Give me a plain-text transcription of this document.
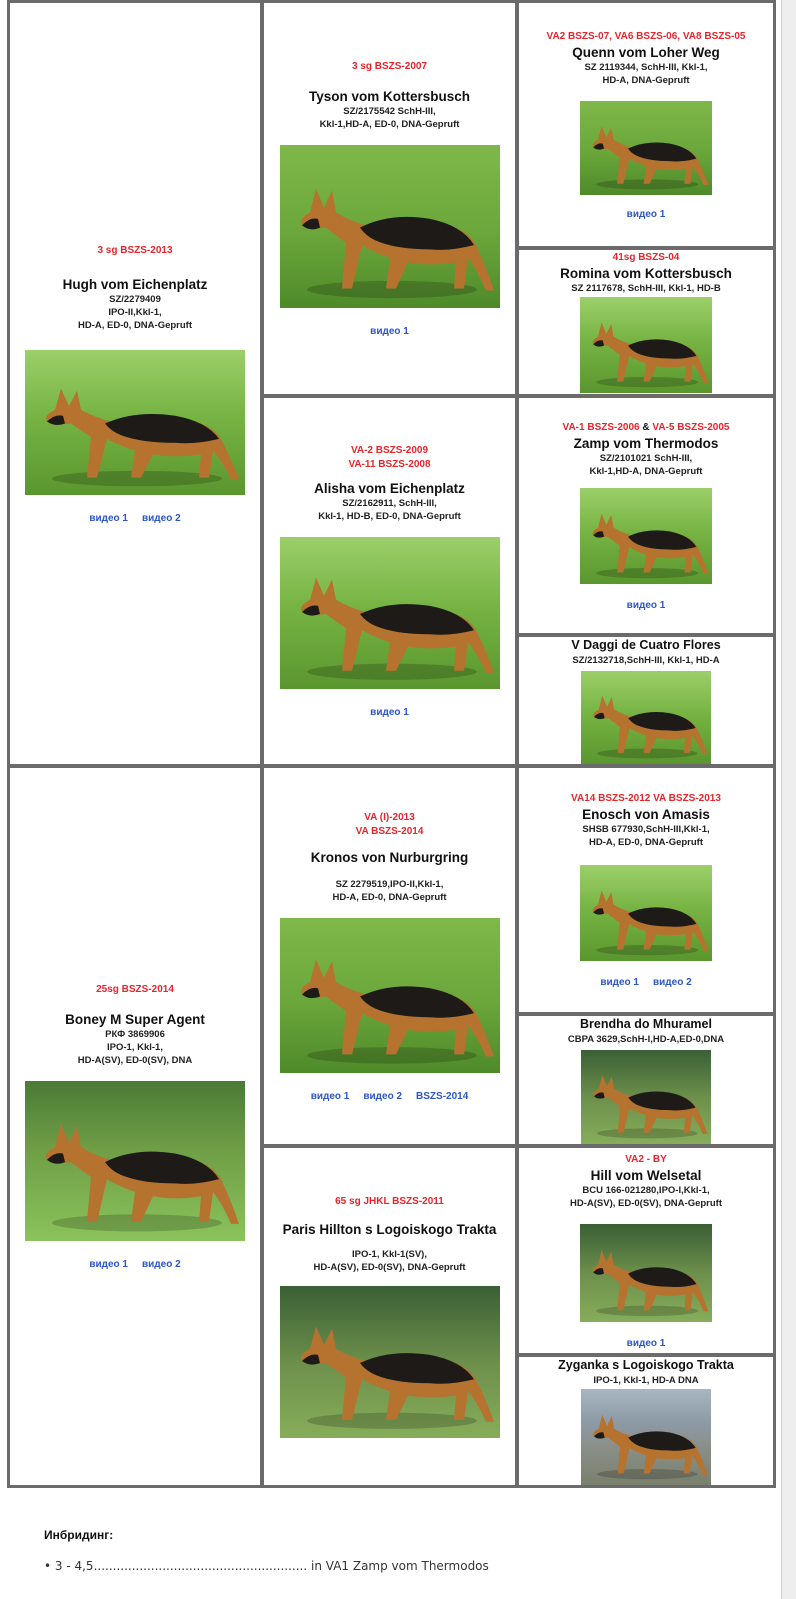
3 sg BSZS-2013
Hugh vom Eichenplatz
SZ/2279409
IPO-II,Kkl-1,
HD-A, ED-0, DNA-Gepruft
видео 1 видео 2
3 sg BSZS-2007
Tyson vom Kottersbusch
SZ/2175542 SchH-III,
Kkl-1,HD-A, ED-0, DNA-Gepruft
видео 1
VA2 BSZS-07, VA6 BSZS-06, VA8 BSZS-05
Quenn vom Loher Weg
SZ 2119344, SchH-III, Kkl-1,
HD-A, DNA-Gepruft
видео 1
41sg BSZS-04
Romina vom Kottersbusch
SZ 2117678, SchH-III, Kkl-1, HD-B
VA-2 BSZS-2009
VA-11 BSZS-2008
Alisha vom Eichenplatz
SZ/2162911, SchH-III,
Kkl-1, HD-B, ED-0, DNA-Gepruft
видео 1
VA-1 BSZS-2006 & VA-5 BSZS-2005
Zamp vom Thermodos
SZ/2101021 SchH-III,
Kkl-1,HD-A, DNA-Gepruft
видео 1
V Daggi de Cuatro Flores
SZ/2132718,SchH-III, Kkl-1, HD-A
25sg BSZS-2014
Boney M Super Agent
РКФ 3869906
IPO-1, Kkl-1,
HD-A(SV), ED-0(SV), DNA
видео 1 видео 2
VA (I)-2013
VA BSZS-2014
Kronos von Nurburgring
SZ 2279519,IPO-II,Kkl-1,
HD-A, ED-0, DNA-Gepruft
видео 1 видео 2 BSZS-2014
VA14 BSZS-2012 VA BSZS-2013
Enosch von Amasis
SHSB 677930,SchH-III,Kkl-1,
HD-A, ED-0, DNA-Gepruft
видео 1 видео 2
Brendha do Mhuramel
CBPA 3629,SchH-I,HD-A,ED-0,DNA
65 sg JHKL BSZS-2011
Paris Hillton s Logoiskogo Trakta
IPO-1, Kkl-1(SV),
HD-A(SV), ED-0(SV), DNA-Gepruft
VA2 - BY
Hill vom Welsetal
BCU 166-021280,IPO-I,Kkl-1,
HD-A(SV), ED-0(SV), DNA-Gepruft
видео 1
Zyganka s Logoiskogo Trakta
IPO-1, Kkl-1, HD-A DNA
Инбридинг:
• 3 - 4,5........................................................ in VA1 Zamp vom Thermodos
